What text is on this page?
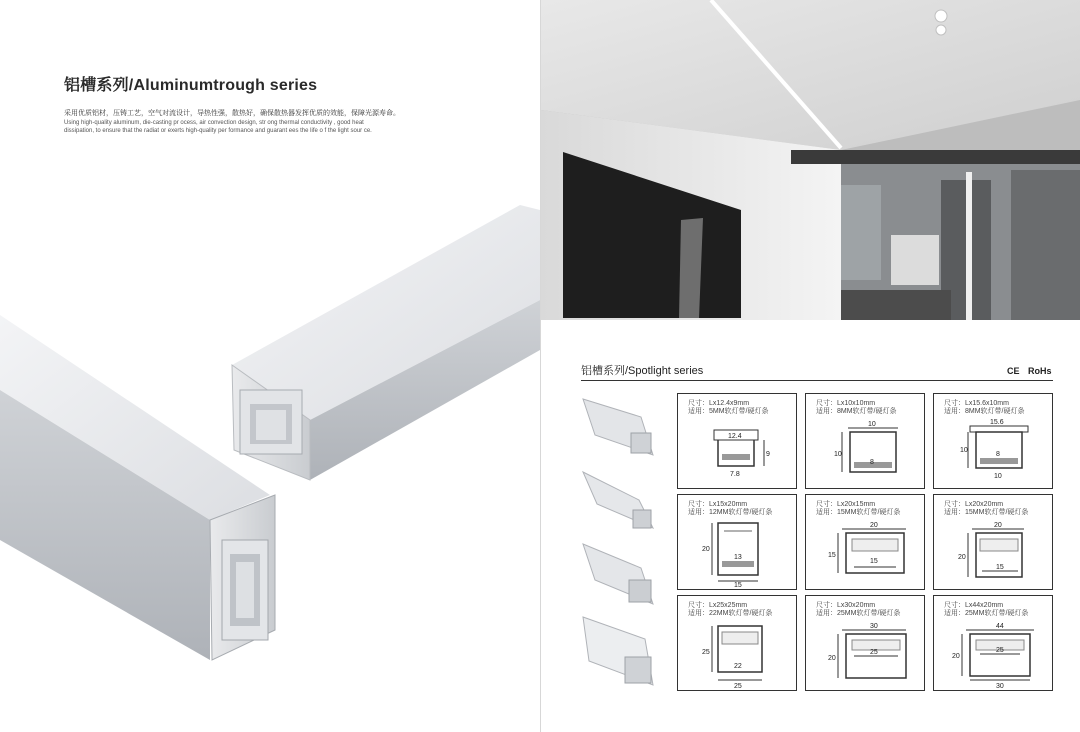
铝槽系列/Aluminumtrough series
采用优质铝材，压铸工艺，空气对流设计，导热性强，散热好，确保散热器发挥优质的效能，保障光源寿命。
Using high-quality aluminum, die-casting pr ocess, air convection design, str ong thermal conductivity , good heat
dissipation, to ensure that the radiat or exerts high-quality per formance and guarant ees the life o f the light sour ce.
铝槽系列/Spotlight series	CE RoHs
尺寸：Lx12.4x9mm
适用：5MM软灯带/硬灯条
12.4
9
7.8
尺寸：Lx10x10mm
适用：8MM软灯带/硬灯条
10
10
8
尺寸：Lx15.6x10mm
适用：8MM软灯带/硬灯条
15.6
10
8
10
尺寸：Lx15x20mm
适用：12MM软灯带/硬灯条
20
13
15
尺寸：Lx20x15mm
适用：15MM软灯带/硬灯条
20
15
15
尺寸：Lx20x20mm
适用：15MM软灯带/硬灯条
20
20
15
尺寸：Lx25x25mm
适用：22MM软灯带/硬灯条
25
22
25
尺寸：Lx30x20mm
适用：25MM软灯带/硬灯条
30
20
25
尺寸：Lx44x20mm
适用：25MM软灯带/硬灯条
44
20
25
30
